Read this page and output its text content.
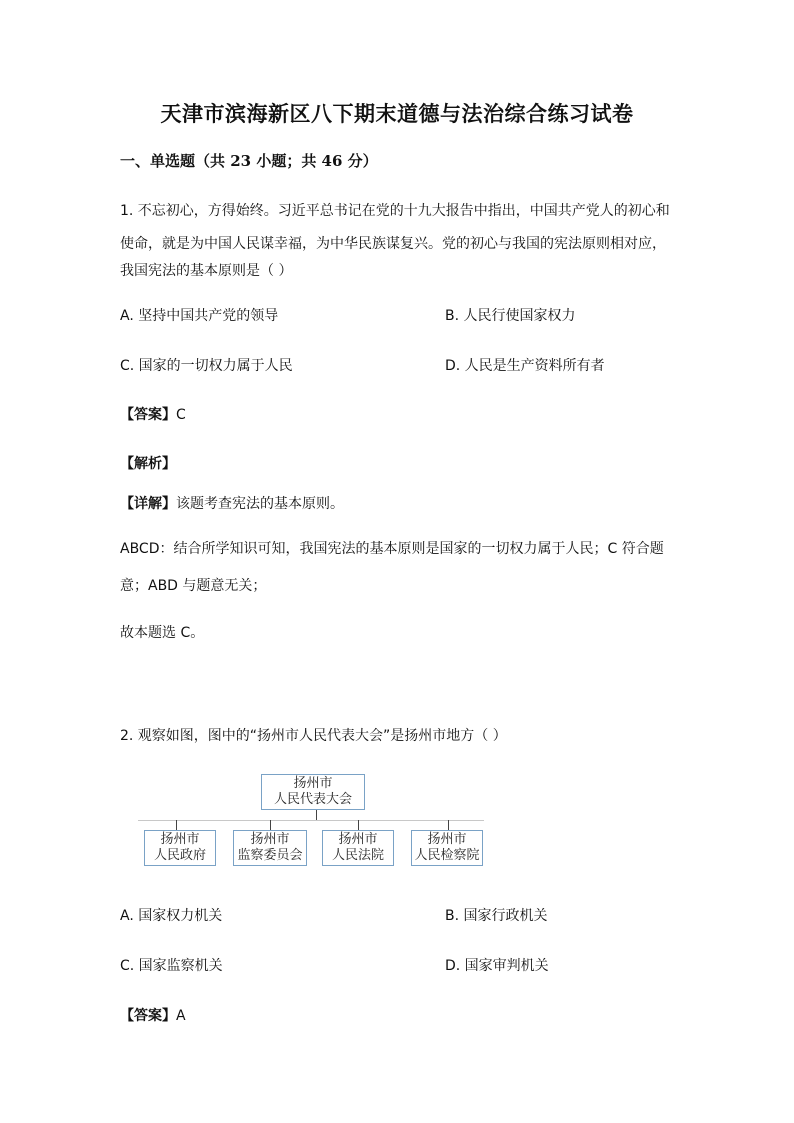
天津市滨海新区八下期末道德与法治综合练习试卷
一、单选题（共 23 小题；共 46 分）
1. 不忘初心，方得始终。习近平总书记在党的十九大报告中指出，中国共产党人的初心和
使命，就是为中国人民谋幸福，为中华民族谋复兴。党的初心与我国的宪法原则相对应，
我国宪法的基本原则是（ ）
A. 坚持中国共产党的领导	B. 人民行使国家权力
C. 国家的一切权力属于人民	D. 人民是生产资料所有者
【答案】C
【解析】
【详解】该题考查宪法的基本原则。
ABCD：结合所学知识可知，我国宪法的基本原则是国家的一切权力属于人民；C 符合题
意；ABD 与题意无关；
故本题选 C。
2. 观察如图，图中的“扬州市人民代表大会”是扬州市地方（ ）
扬州市
人民代表大会
扬州市
人民政府
扬州市
监察委员会
扬州市
人民法院
扬州市
人民检察院
A. 国家权力机关	B. 国家行政机关
C. 国家监察机关	D. 国家审判机关
【答案】A
